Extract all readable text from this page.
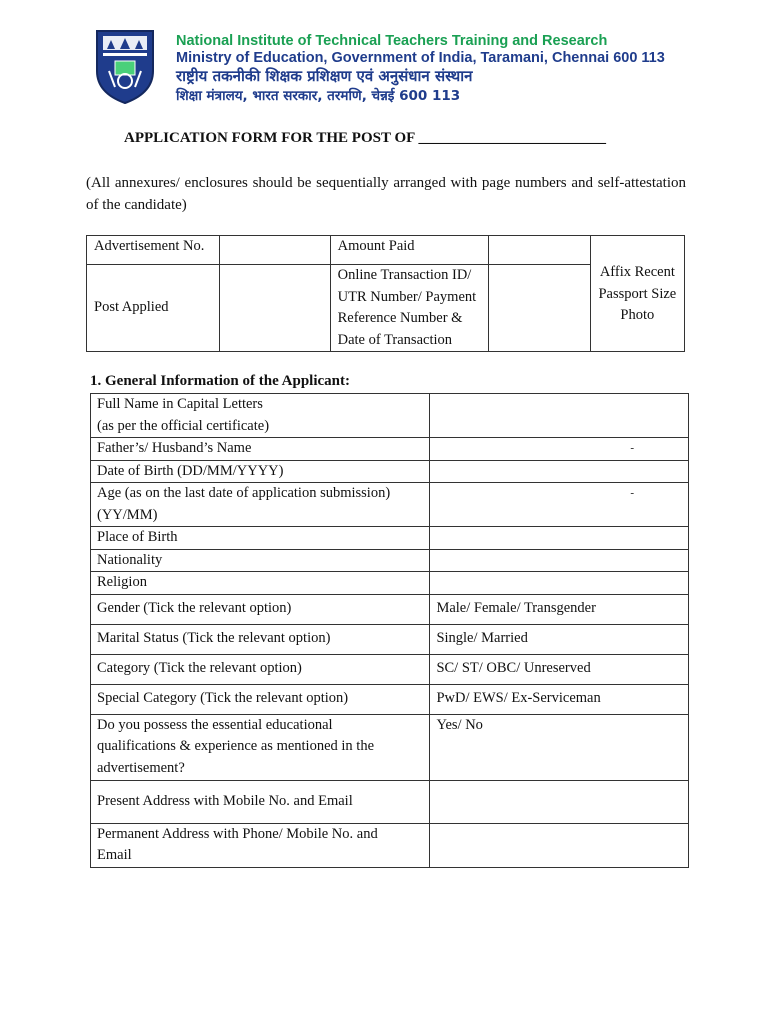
National Institute of Technical Teachers Training and Research
Ministry of Education, Government of India, Taramani, Chennai 600 113
राष्ट्रीय तकनीकी शिक्षक प्रशिक्षण एवं अनुसंधान संस्थान
शिक्षा मंत्रालय, भारत सरकार, तरमणि, चेन्नई 600 113
APPLICATION FORM FOR THE POST OF _________________________
(All annexures/ enclosures should be sequentially arranged with page numbers and self-attestation of the candidate)
Advertisement No.		Amount Paid		Affix Recent
Passport Size
Photo

Post Applied		Online Transaction ID/
UTR Number/ Payment
Reference Number &
Date of Transaction		

1. General Information of the Applicant:
Full Name in Capital Letters
(as per the official certificate)	

Father’s/ Husband’s Name	-

Date of Birth (DD/MM/YYYY)	

Age (as on the last date of application submission)
(YY/MM)	-

Place of Birth	
Nationality	
Religion	
Gender (Tick the relevant option)	Male/ Female/ Transgender
Marital Status (Tick the relevant option)	Single/ Married
Category (Tick the relevant option)	SC/ ST/ OBC/ Unreserved
Special Category (Tick the relevant option)	PwD/ EWS/ Ex-Serviceman

Do you possess the essential educational
qualifications & experience as mentioned in the
advertisement?	Yes/ No
Present Address with Mobile No. and Email	

Permanent Address with Phone/ Mobile No. and
Email	
